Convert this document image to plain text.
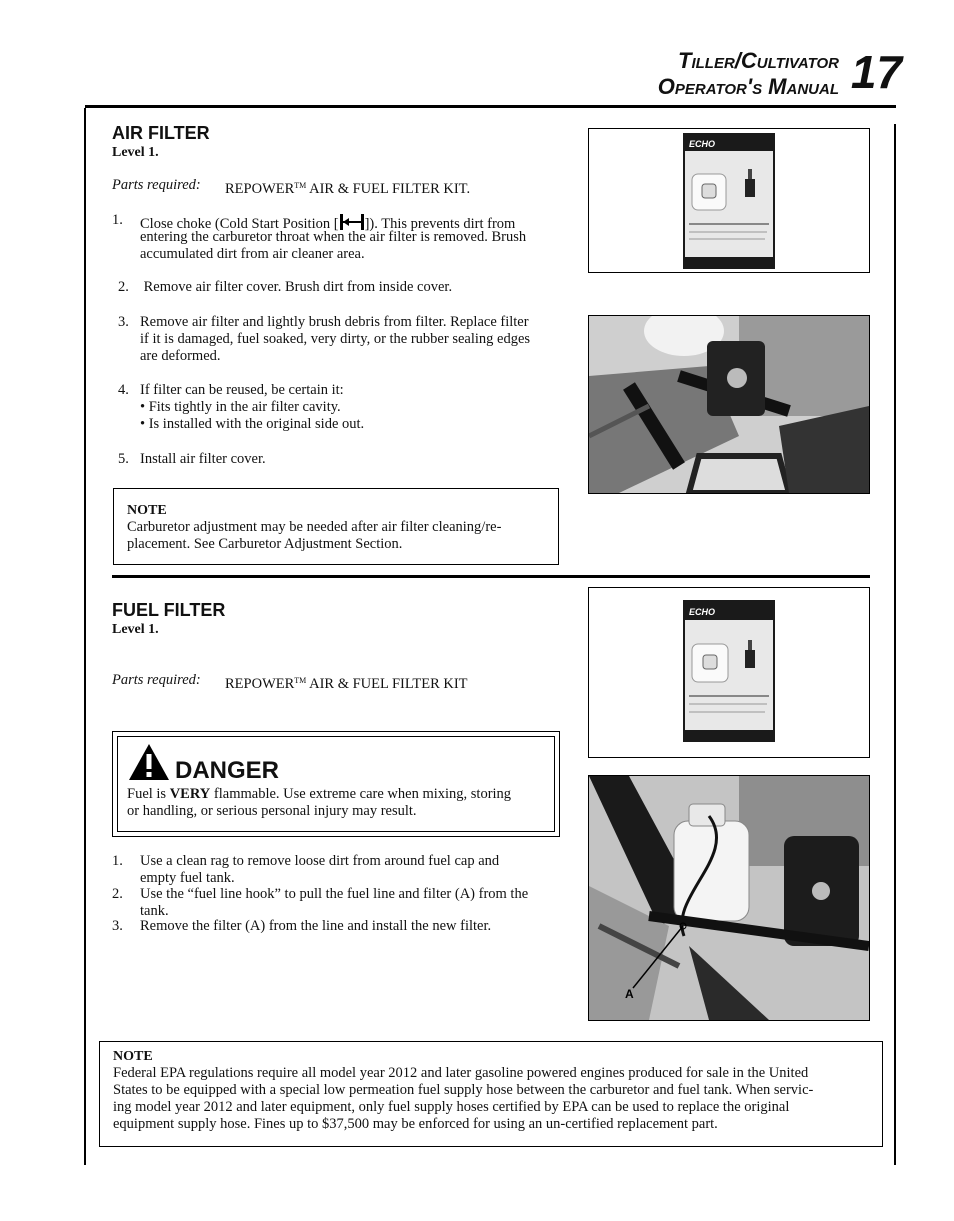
Tiller/Cultivator
Operator's Manual 17
AIR FILTER
Level 1.
Parts required: REPOWER™ AIR & FUEL FILTER KIT.
1. Close choke (Cold Start Position [ ]). This prevents dirt from
entering the carburetor throat when the air filter is removed. Brush
accumulated dirt from air cleaner area.
2. Remove air filter cover. Brush dirt from inside cover.
3. Remove air filter and lightly brush debris from filter. Replace filter
if it is damaged, fuel soaked, very dirty, or the rubber sealing edges
are deformed.
4. If filter can be reused, be certain it:
• Fits tightly in the air filter cavity.
• Is installed with the original side out.
5. Install air filter cover.
NOTE
Carburetor adjustment may be needed after air filter cleaning/re-
placement. See Carburetor Adjustment Section.
ECHO
FUEL FILTER
Level 1.
Parts required: REPOWER™ AIR & FUEL FILTER KIT
DANGER
Fuel is VERY flammable. Use extreme care when mixing, storing
or handling, or serious personal injury may result.
1. Use a clean rag to remove loose dirt from around fuel cap and
empty fuel tank.
2. Use the “fuel line hook” to pull the fuel line and filter (A) from the
tank.
3. Remove the filter (A) from the line and install the new filter.
ECHO
A
NOTE
Federal EPA regulations require all model year 2012 and later gasoline powered engines produced for sale in the United
States to be equipped with a special low permeation fuel supply hose between the carburetor and fuel tank. When servic-
ing model year 2012 and later equipment, only fuel supply hoses certified by EPA can be used to replace the original
equipment supply hose. Fines up to $37,500 may be enforced for using an un-certified replacement part.
